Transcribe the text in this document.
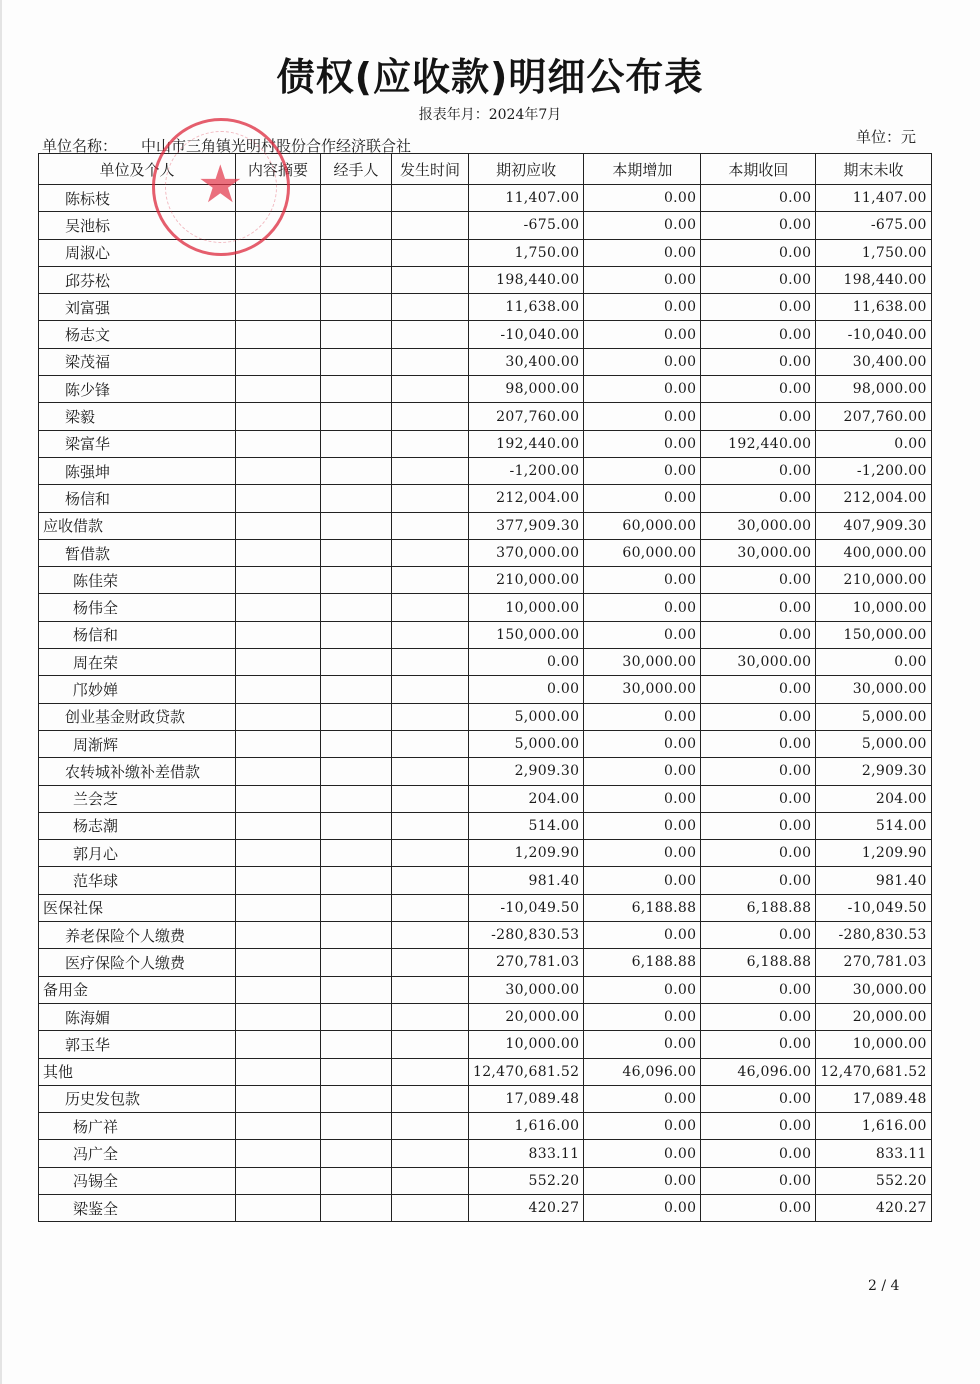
债权(应收款)明细公布表
报表年月：2024年7月
单位名称： 中山市三角镇光明村股份合作经济联合社	单位：元
单位及个人	内容摘要	经手人	发生时间	期初应收	本期增加	本期收回	期末未收
陈标枝				11,407.00	0.00	0.00	11,407.00
吴池标				-675.00	0.00	0.00	-675.00
周淑心				1,750.00	0.00	0.00	1,750.00
邱芬松				198,440.00	0.00	0.00	198,440.00
刘富强				11,638.00	0.00	0.00	11,638.00
杨志文				-10,040.00	0.00	0.00	-10,040.00
梁茂福				30,400.00	0.00	0.00	30,400.00
陈少锋				98,000.00	0.00	0.00	98,000.00
梁毅				207,760.00	0.00	0.00	207,760.00
梁富华				192,440.00	0.00	192,440.00	0.00
陈强坤				-1,200.00	0.00	0.00	-1,200.00
杨信和				212,004.00	0.00	0.00	212,004.00
应收借款				377,909.30	60,000.00	30,000.00	407,909.30
暂借款				370,000.00	60,000.00	30,000.00	400,000.00
陈佳荣				210,000.00	0.00	0.00	210,000.00
杨伟全				10,000.00	0.00	0.00	10,000.00
杨信和				150,000.00	0.00	0.00	150,000.00
周在荣				0.00	30,000.00	30,000.00	0.00
邝妙婵				0.00	30,000.00	0.00	30,000.00
创业基金财政贷款				5,000.00	0.00	0.00	5,000.00
周渐辉				5,000.00	0.00	0.00	5,000.00
农转城补缴补差借款				2,909.30	0.00	0.00	2,909.30
兰会芝				204.00	0.00	0.00	204.00
杨志潮				514.00	0.00	0.00	514.00
郭月心				1,209.90	0.00	0.00	1,209.90
范华球				981.40	0.00	0.00	981.40
医保社保				-10,049.50	6,188.88	6,188.88	-10,049.50
养老保险个人缴费				-280,830.53	0.00	0.00	-280,830.53
医疗保险个人缴费				270,781.03	6,188.88	6,188.88	270,781.03
备用金				30,000.00	0.00	0.00	30,000.00
陈海媚				20,000.00	0.00	0.00	20,000.00
郭玉华				10,000.00	0.00	0.00	10,000.00
其他				12,470,681.52	46,096.00	46,096.00	12,470,681.52
历史发包款				17,089.48	0.00	0.00	17,089.48
杨广祥				1,616.00	0.00	0.00	1,616.00
冯广全				833.11	0.00	0.00	833.11
冯锡全				552.20	0.00	0.00	552.20
梁鉴全				420.27	0.00	0.00	420.27
★
2 / 4
